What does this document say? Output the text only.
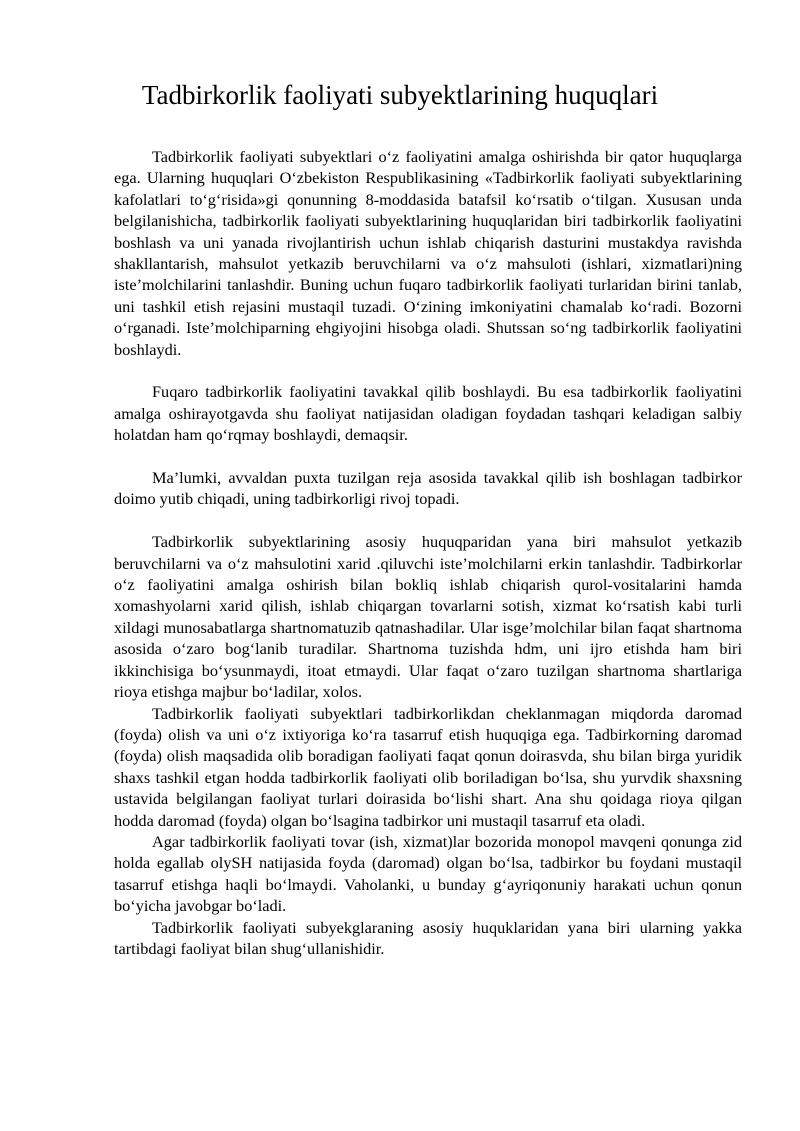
Tadbirkorlik faoliyati subyektlarining huquqlari

Tadbirkorlik faoliyati subyektlari o‘z faoliyatini amalga oshirishda bir qator huquqlarga ega. Ularning huquqlari O‘zbekiston Respublikasining «Tadbirkorlik faoliyati subyektlarining kafolatlari to‘g‘risida»gi qonunning 8-moddasida batafsil ko‘rsatib o‘tilgan. Xususan unda belgilanishicha, tadbirkorlik faoliyati subyektlarining huquqlaridan biri tadbirkorlik faoliyatini boshlash va uni yanada rivojlantirish uchun ishlab chiqarish dasturini mustakdya ravishda shakllantarish, mahsulot yetkazib beruvchilarni va o‘z mahsuloti (ishlari, xizmatlari)ning iste’molchilarini tanlashdir. Buning uchun fuqaro tadbirkorlik faoliyati turlaridan birini tanlab, uni tashkil etish rejasini mustaqil tuzadi. O‘zining imkoniyatini chamalab ko‘radi. Bozorni o‘rganadi. Iste’molchiparning ehgiyojini hisobga oladi. Shutssan so‘ng tadbirkorlik faoliyatini boshlaydi.

Fuqaro tadbirkorlik faoliyatini tavakkal qilib boshlaydi. Bu esa tadbirkorlik faoliyatini amalga oshirayotgavda shu faoliyat natijasidan oladigan foydadan tashqari keladigan salbiy holatdan ham qo‘rqmay boshlaydi, demaqsir.

Ma’lumki, avvaldan puxta tuzilgan reja asosida tavakkal qilib ish boshlagan tadbirkor doimo yutib chiqadi, uning tadbirkorligi rivoj topadi.

Tadbirkorlik subyektlarining asosiy huquqparidan yana biri mahsulot yetkazib beruvchilarni va o‘z mahsulotini xarid .qiluvchi iste’molchilarni erkin tanlashdir. Tadbirkorlar o‘z faoliyatini amalga oshirish bilan bokliq ishlab chiqarish qurol-vositalarini hamda xomashyolarni xarid qilish, ishlab chiqargan tovarlarni sotish, xizmat ko‘rsatish kabi turli xildagi munosabatlarga shartnomatuzib qatnashadilar. Ular isge’molchilar bilan faqat shartnoma asosida o‘zaro bog‘lanib turadilar. Shartnoma tuzishda hdm, uni ijro etishda ham biri ikkinchisiga bo‘ysunmaydi, itoat etmaydi. Ular faqat o‘zaro tuzilgan shartnoma shartlariga rioya etishga majbur bo‘ladilar, xolos.

Tadbirkorlik faoliyati subyektlari tadbirkorlikdan cheklanmagan miqdorda daromad (foyda) olish va uni o‘z ixtiyoriga ko‘ra tasarruf etish huquqiga ega. Tadbirkorning daromad (foyda) olish maqsadida olib boradigan faoliyati faqat qonun doirasvda, shu bilan birga yuridik shaxs tashkil etgan hodda tadbirkorlik faoliyati olib boriladigan bo‘lsa, shu yurvdik shaxsning ustavida belgilangan faoliyat turlari doirasida bo‘lishi shart. Ana shu qoidaga rioya qilgan hodda daromad (foyda) olgan bo‘lsagina tadbirkor uni mustaqil tasarruf eta oladi.

Agar tadbirkorlik faoliyati tovar (ish, xizmat)lar bozorida monopol mavqeni qonunga zid holda egallab olySH natijasida foyda (daromad) olgan bo‘lsa, tadbirkor bu foydani mustaqil tasarruf etishga haqli bo‘lmaydi. Vaholanki, u bunday g‘ayriqonuniy harakati uchun qonun bo‘yicha javobgar bo‘ladi.

Tadbirkorlik faoliyati subyekglaraning asosiy huquklaridan yana biri ularning yakka tartibdagi faoliyat bilan shug‘ullanishidir.
